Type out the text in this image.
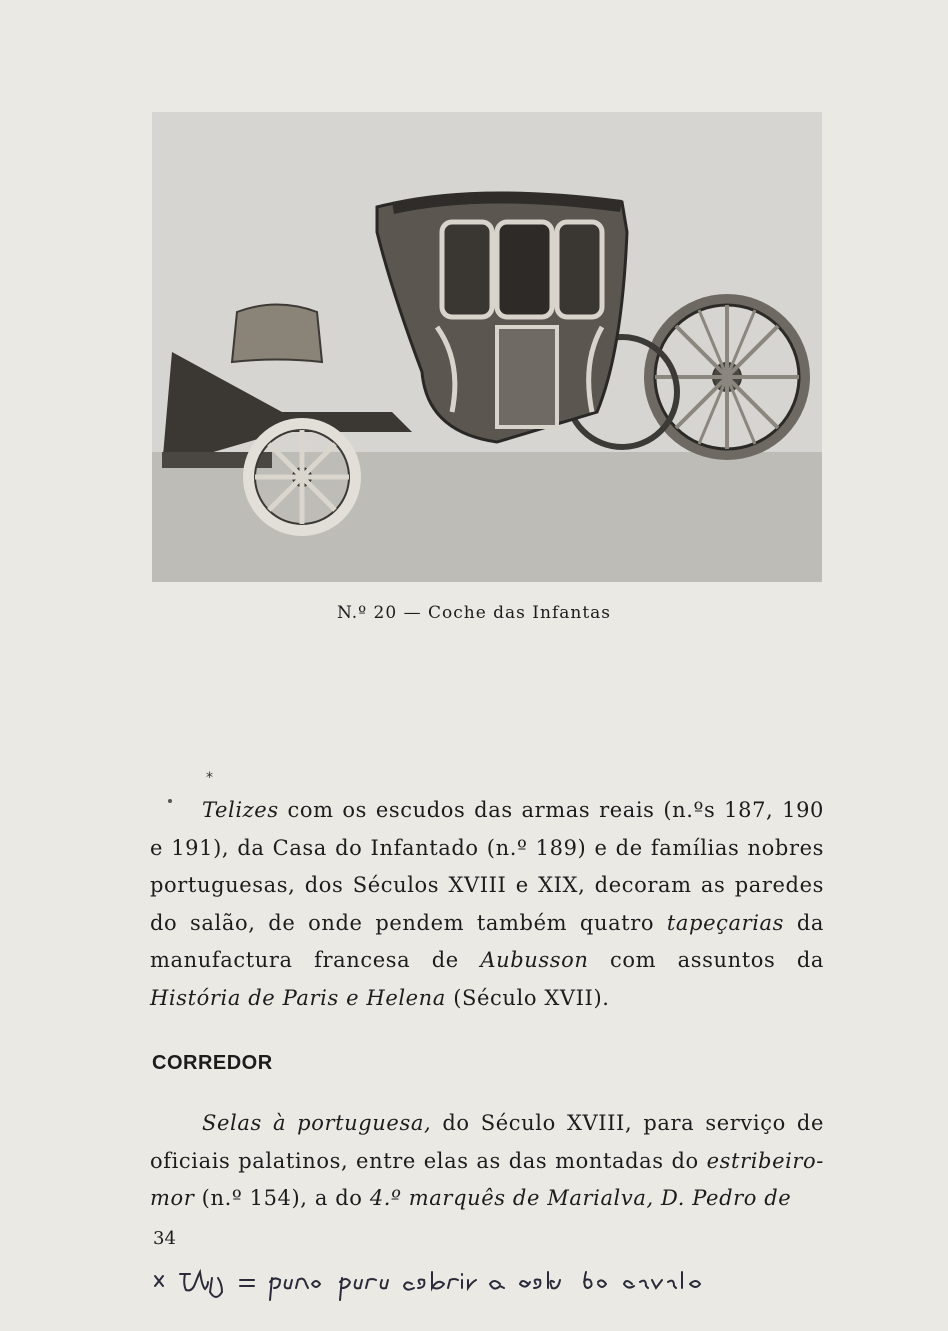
N.º 20 — Coche das Infantas
*

Telizes com os escudos das armas reais (n.ºs 187, 190 e 191), da Casa do Infantado (n.º 189) e de famílias nobres portuguesas, dos Séculos XVIII e XIX, decoram as paredes do salão, de onde pendem também quatro tapeçarias da manufactura francesa de Aubusson com assuntos da História de Paris e Helena (Século XVII).

CORREDOR

Selas à portuguesa, do Século XVIII, para serviço de oficiais palatinos, entre elas as das montadas do estribeiro-mor (n.º 154), a do 4.º marquês de Marialva, D. Pedro de

34
